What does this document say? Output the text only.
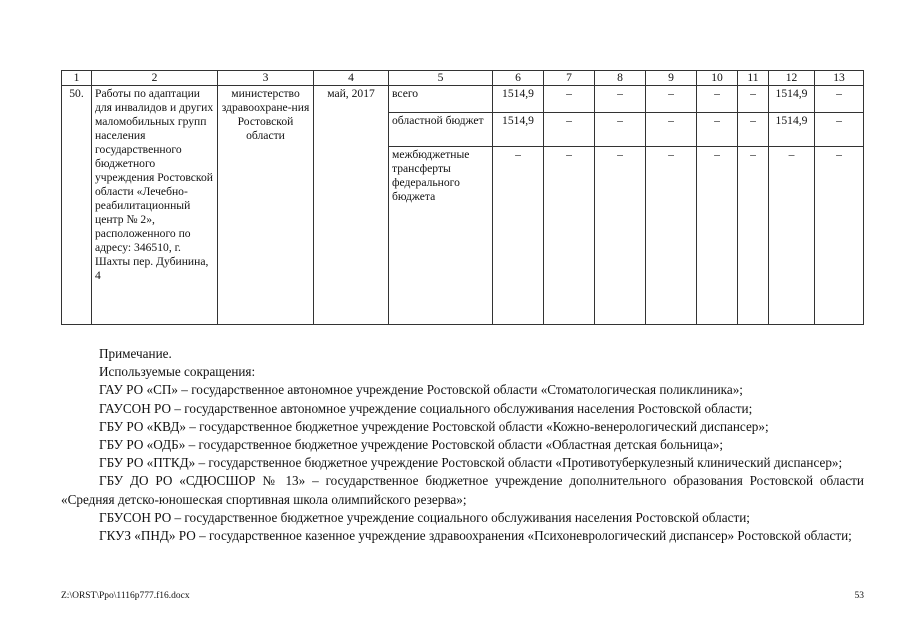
1	2	3	4	5	6	7	8	9	10	11	12	13
50.	Работы по адаптации для инвалидов и других маломобильных групп населения государственного бюджетного учреждения Ростовской области «Лечебно-реабилитационный центр № 2», расположенного по адресу: 346510, г. Шахты пер. Дубинина, 4	министерство здравоохране-ния Ростовской области	май, 2017	всего	1514,9	–	–	–	–	–	1514,9	–
				областной бюджет	1514,9	–	–	–	–	–	1514,9	–
				межбюджетные трансферты федерального бюджета	–	–	–	–	–	–	–	–

Примечание.

Используемые сокращения:

ГАУ РО «СП» – государственное автономное учреждение Ростовской области «Стоматологическая поликлиника»;

ГАУСОН РО – государственное автономное учреждение социального обслуживания населения Ростовской области;

ГБУ РО «КВД» – государственное бюджетное учреждение Ростовской области «Кожно-венерологический диспансер»;

ГБУ РО «ОДБ» – государственное бюджетное учреждение Ростовской области «Областная детская больница»;

ГБУ РО «ПТКД» – государственное бюджетное учреждение Ростовской области «Противотуберкулезный клинический диспансер»;

ГБУ ДО РО «СДЮСШОР № 13» – государственное бюджетное учреждение дополнительного образования Ростовской области «Средняя детско-юношеская спортивная школа олимпийского резерва»;

ГБУСОН РО – государственное бюджетное учреждение социального обслуживания населения Ростовской области;

ГКУЗ «ПНД» РО – государственное казенное учреждение здравоохранения «Психоневрологический диспансер» Ростовской области;

Z:\ORST\Ppo\1116p777.f16.docx	53
